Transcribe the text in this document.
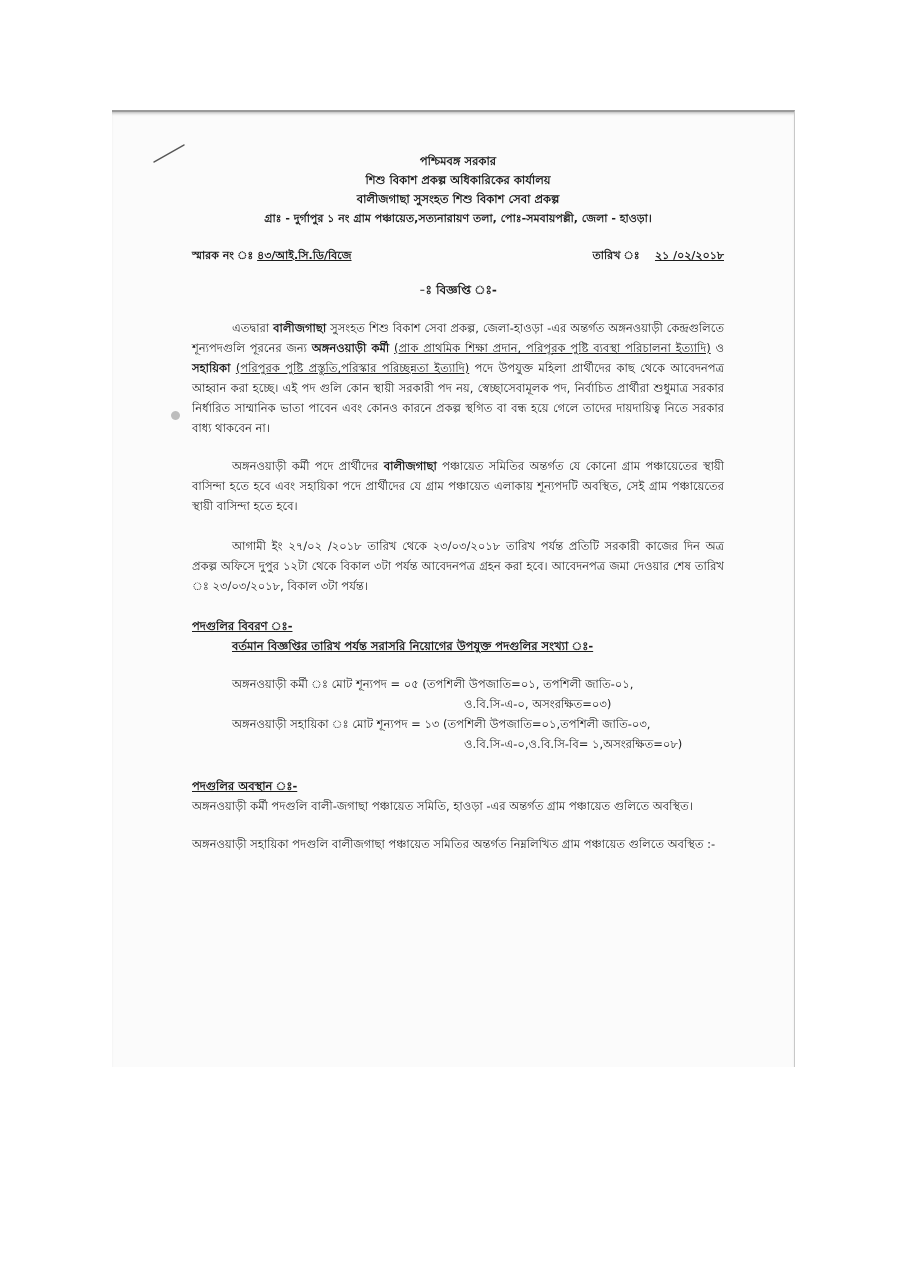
পশ্চিমবঙ্গ সরকার
শিশু বিকাশ প্রকল্প অধিকারিকের কার্যালয়
বালীজগাছা সুসংহত শিশু বিকাশ সেবা প্রকল্প
গ্রাঃ - দুর্গাপুর ১ নং গ্রাম পঞ্চায়েত,সত্যনারায়ণ তলা, পোঃ-সমবায়পল্লী, জেলা - হাওড়া।
স্মারক নং ঃ ৪৩/আই.সি.ডি/বিজে	তারিখ ঃ ২১ /০২/২০১৮
-ঃ বিজ্ঞপ্তি ঃ-

এতদ্বারা বালীজগাছা সুসংহত শিশু বিকাশ সেবা প্রকল্প, জেলা-হাওড়া -এর অন্তর্গত অঙ্গনওয়াড়ী কেন্দ্রগুলিতে শূন্যপদগুলি পূরনের জন্য অঙ্গনওয়াড়ী কর্মী (প্রাক প্রাথমিক শিক্ষা প্রদান, পরিপূরক পুষ্টি ব্যবস্থা পরিচালনা ইত্যাদি) ও সহায়িকা (পরিপুরক পুষ্টি প্রস্তুতি,পরিস্কার পরিচ্ছন্নতা ইত্যাদি) পদে উপযুক্ত মহিলা প্রার্থীদের কাছ থেকে আবেদনপত্র আহ্বান করা হচ্ছে। এই পদ গুলি কোন স্থায়ী সরকারী পদ নয়, স্বেচ্ছাসেবামূলক পদ, নির্বাচিত প্রার্থীরা শুধুমাত্র সরকার নির্ধারিত সাম্মানিক ভাতা পাবেন এবং কোনও কারনে প্রকল্প স্থগিত বা বন্ধ হয়ে গেলে তাদের দায়দায়িত্ব নিতে সরকার বাধ্য থাকবেন না।

অঙ্গনওয়াড়ী কর্মী পদে প্রার্থীদের বালীজগাছা পঞ্চায়েত সমিতির অন্তর্গত যে কোনো গ্রাম পঞ্চায়েতের স্থায়ী বাসিন্দা হতে হবে এবং সহায়িকা পদে প্রার্থীদের যে গ্রাম পঞ্চায়েত এলাকায় শূন্যপদটি অবস্থিত, সেই গ্রাম পঞ্চায়েতের স্থায়ী বাসিন্দা হতে হবে।

আগামী ইং ২৭/০২ /২০১৮ তারিখ থেকে ২৩/০৩/২০১৮ তারিখ পর্যন্ত প্রতিটি সরকারী কাজের দিন অত্র প্রকল্প অফিসে দুপুর ১২টা থেকে বিকাল ৩টা পর্যন্ত আবেদনপত্র গ্রহন করা হবে। আবেদনপত্র জমা দেওয়ার শেষ তারিখ ঃ ২৩/০৩/২০১৮, বিকাল ৩টা পর্যন্ত।

পদগুলির বিবরণ ঃ-
বর্তমান বিজ্ঞপ্তির তারিখ পর্যন্ত সরাসরি নিয়োগের উপযুক্ত পদগুলির সংখ্যা ঃ-
অঙ্গনওয়াড়ী কর্মী ঃ মোট শূন্যপদ = ০৫ (তপশিলী উপজাতি=০১, তপশিলী জাতি-০১,
ও.বি.সি-এ-০, অসংরক্ষিত=০৩)
অঙ্গনওয়াড়ী সহায়িকা ঃ মোট শূন্যপদ = ১৩ (তপশিলী উপজাতি=০১,তপশিলী জাতি-০৩,
ও.বি.সি-এ-০,ও.বি.সি-বি= ১,অসংরক্ষিত=০৮)
পদগুলির অবস্থান ঃ-

অঙ্গনওয়াড়ী কর্মী পদগুলি বালী-জগাছা পঞ্চায়েত সমিতি, হাওড়া -এর অন্তর্গত গ্রাম পঞ্চায়েত গুলিতে অবস্থিত।

অঙ্গনওয়াড়ী সহায়িকা পদগুলি বালীজগাছা পঞ্চায়েত সমিতির অন্তর্গত নিম্নলিখিত গ্রাম পঞ্চায়েত গুলিতে অবস্থিত :-
